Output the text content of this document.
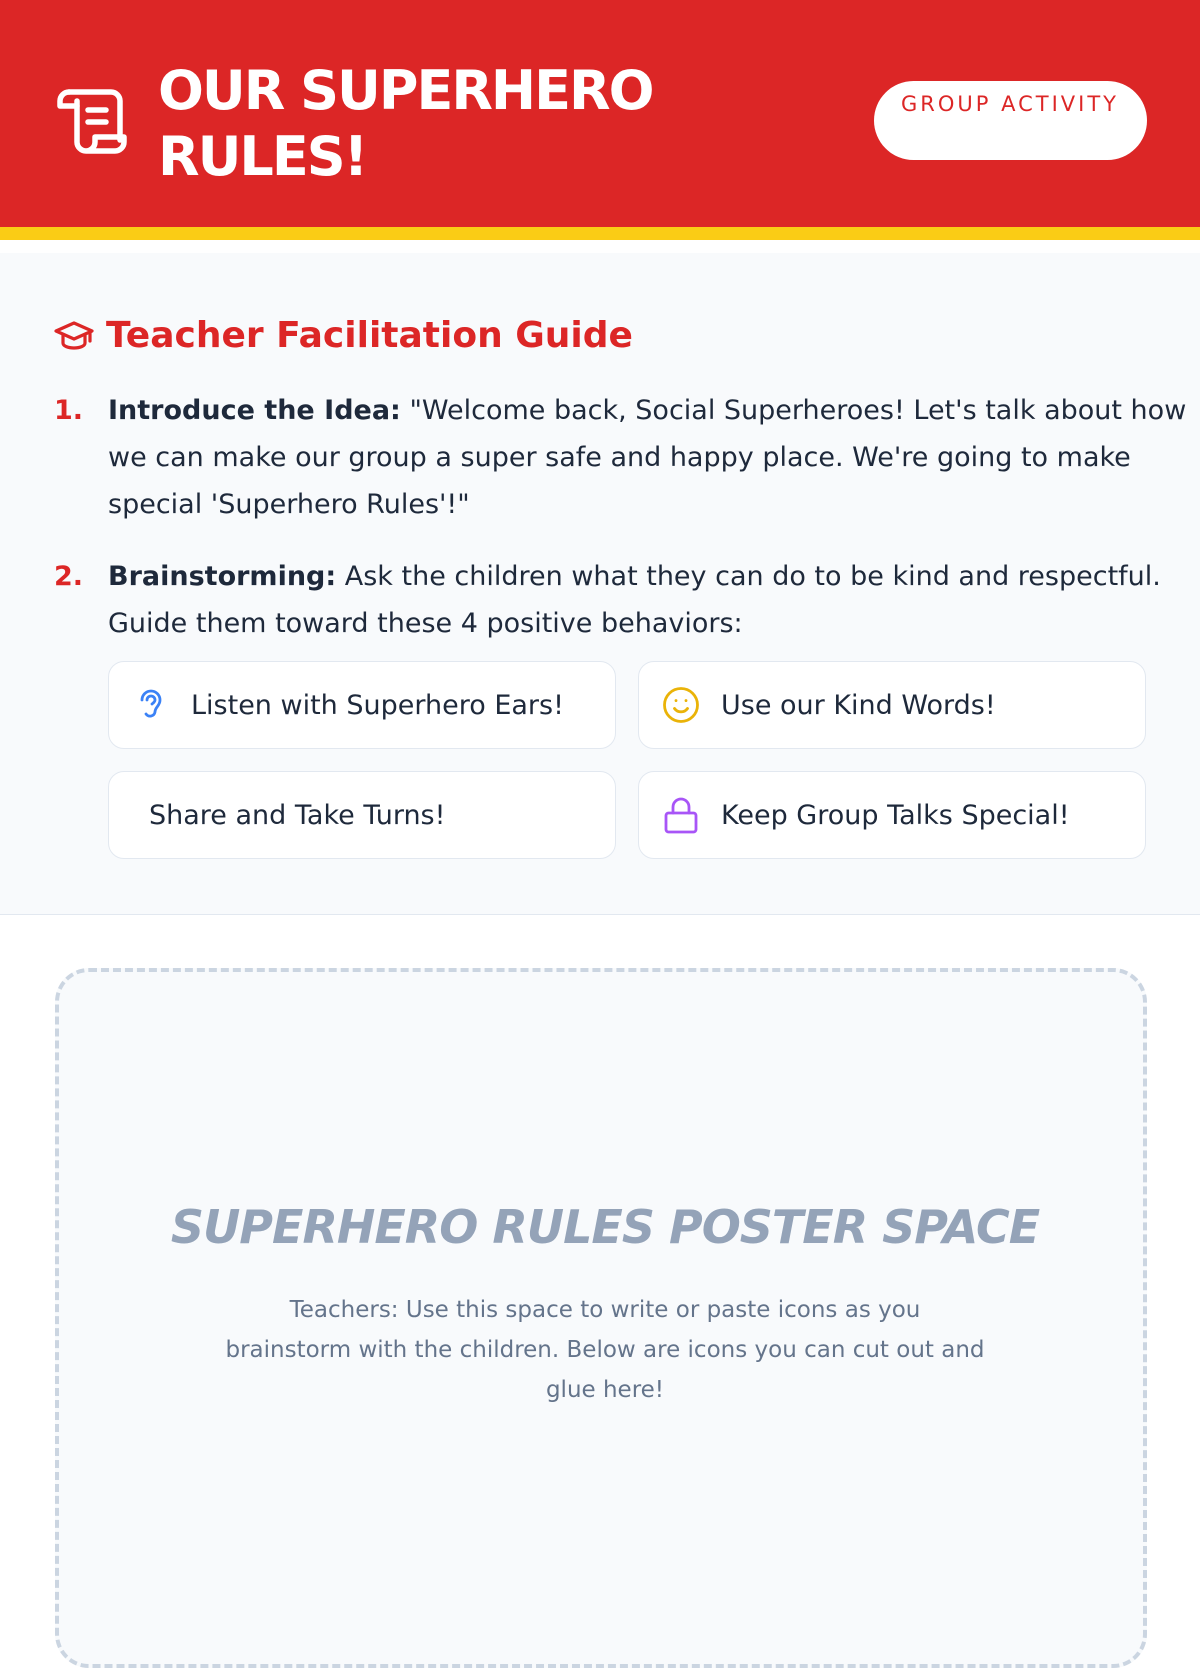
OUR SUPERHERO RULES!
GROUP ACTIVITY
Teacher Facilitation Guide
1. Introduce the Idea: "Welcome back, Social Superheroes! Let's talk about how we can make our group a super safe and happy place. We're going to make special 'Superhero Rules'!"
2. Brainstorming: Ask the children what they can do to be kind and respectful. Guide them toward these 4 positive behaviors:
Listen with Superhero Ears!	Use our Kind Words!
Share and Take Turns!	Keep Group Talks Special!
SUPERHERO RULES POSTER SPACE
Teachers: Use this space to write or paste icons as you brainstorm with the children. Below are icons you can cut out and glue here!
